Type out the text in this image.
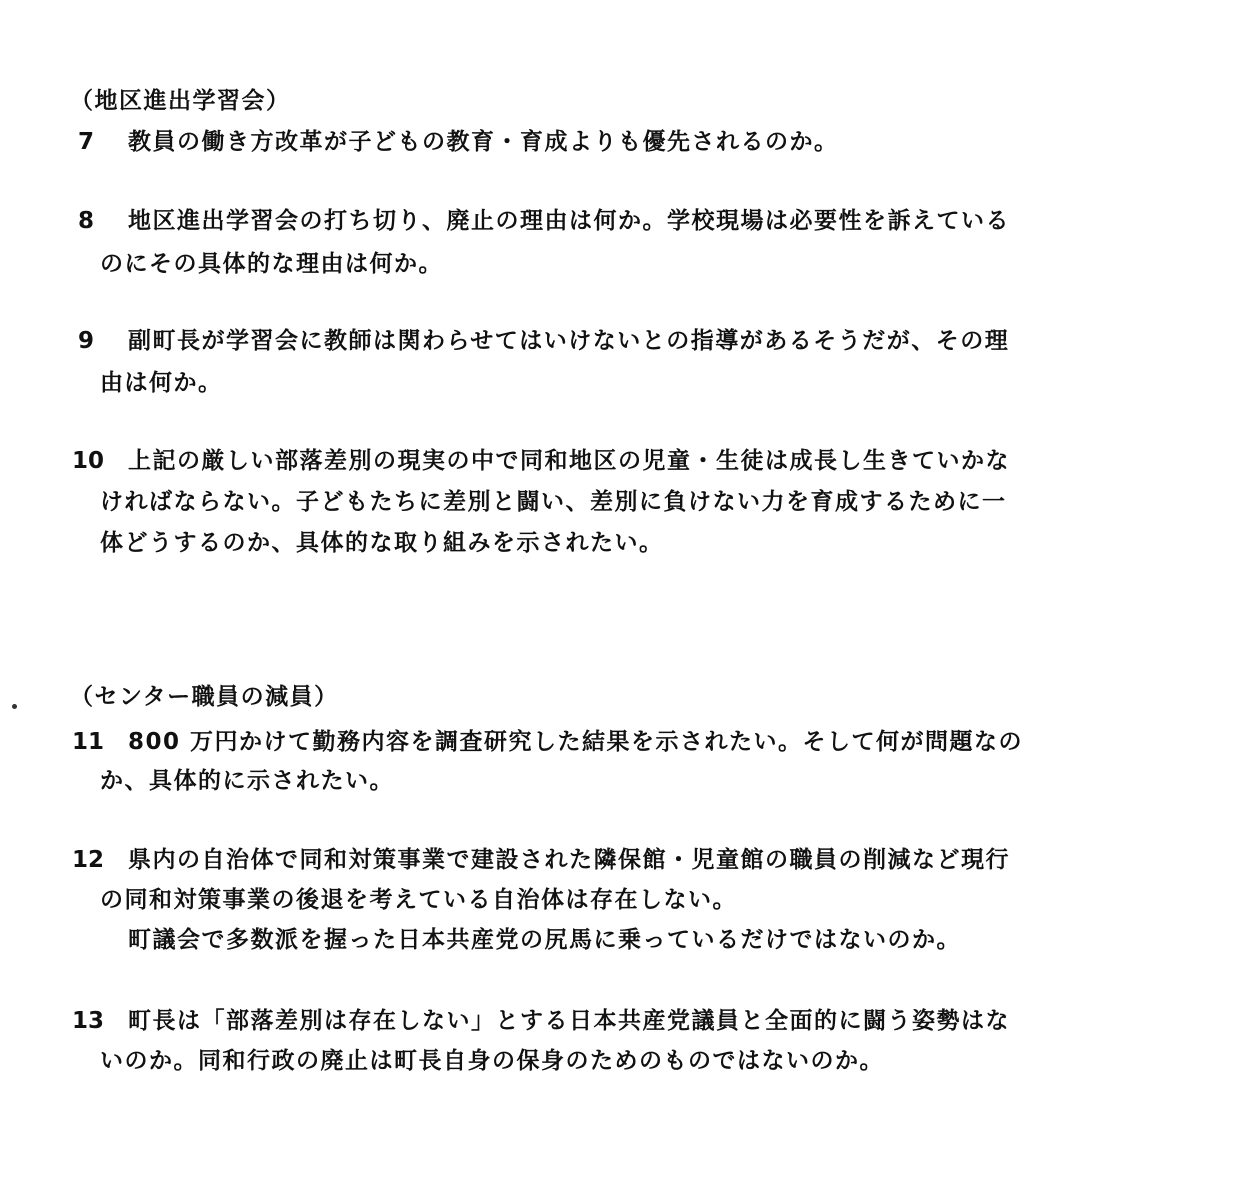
（地区進出学習会）
7 教員の働き方改革が子どもの教育・育成よりも優先されるのか。
8 地区進出学習会の打ち切り、廃止の理由は何か。学校現場は必要性を訴えている
のにその具体的な理由は何か。
9 副町長が学習会に教師は関わらせてはいけないとの指導があるそうだが、その理
由は何か。
10 上記の厳しい部落差別の現実の中で同和地区の児童・生徒は成長し生きていかな
ければならない。子どもたちに差別と闘い、差別に負けない力を育成するために一
体どうするのか、具体的な取り組みを示されたい。
（センター職員の減員）
11 800 万円かけて勤務内容を調査研究した結果を示されたい。そして何が問題なの
か、具体的に示されたい。
12 県内の自治体で同和対策事業で建設された隣保館・児童館の職員の削減など現行
の同和対策事業の後退を考えている自治体は存在しない。
町議会で多数派を握った日本共産党の尻馬に乗っているだけではないのか。
13 町長は「部落差別は存在しない」とする日本共産党議員と全面的に闘う姿勢はな
いのか。同和行政の廃止は町長自身の保身のためのものではないのか。
